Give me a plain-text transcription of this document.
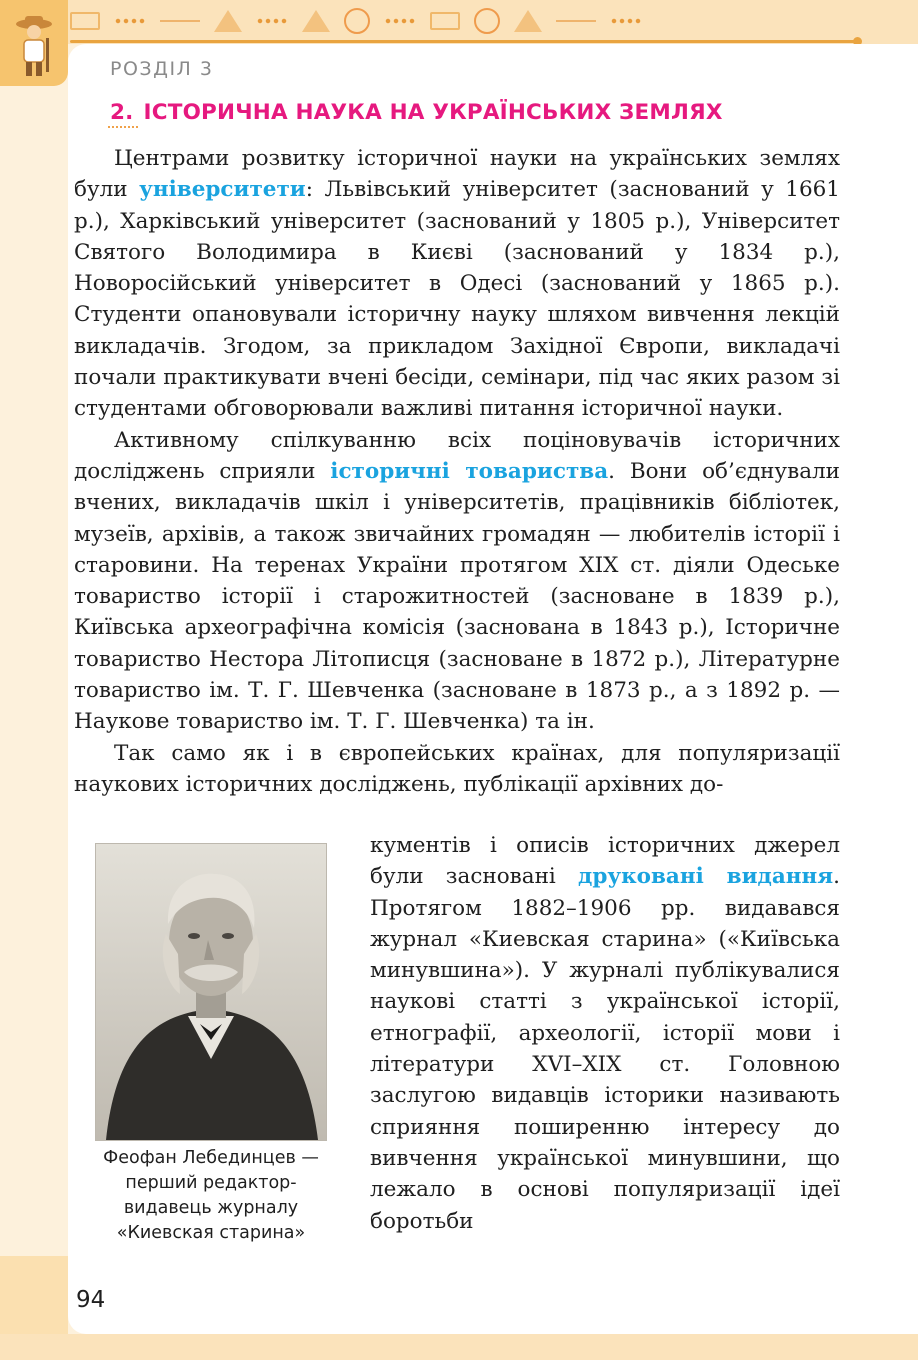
РОЗДІЛ 3
2. ІСТОРИЧНА НАУКА НА УКРАЇНСЬКИХ ЗЕМЛЯХ

Центрами розвитку історичної науки на українських землях були університети: Львівський університет (заснований у 1661 р.), Харківський університет (заснований у 1805 р.), Університет Святого Володимира в Києві (заснований у 1834 р.), Новоросійський університет в Одесі (заснований у 1865 р.). Студенти опановували історичну науку шляхом вивчення лекцій викладачів. Згодом, за прикладом Західної Європи, викладачі почали практикувати вчені бесіди, семінари, під час яких разом зі студентами обговорювали важливі питання історичної науки.

Активному спілкуванню всіх поціновувачів історичних досліджень сприяли історичні товариства. Вони об’єднували вчених, викладачів шкіл і університетів, працівників бібліотек, музеїв, архівів, а також звичайних громадян — любителів історії і старовини. На теренах України протягом XIX ст. діяли Одеське товариство історії і старожитностей (засноване в 1839 р.), Київська археографічна комісія (заснована в 1843 р.), Історичне товариство Нестора Літописця (засноване в 1872 р.), Літературне товариство ім. Т. Г. Шевченка (засноване в 1873 р., а з 1892 р. — Наукове товариство ім. Т. Г. Шевченка) та ін.

Так само як і в європейських країнах, для популяризації наукових історичних досліджень, публікації архівних до-

Феофан Лебединцев — перший редактор-видавець журналу «Киевская старина»

кументів і описів історичних джерел були засновані друковані видання. Протягом 1882–1906 рр. видавався журнал «Киевская старина» («Київська минувшина»). У журналі публікувалися наукові статті з української історії, етнографії, археології, історії мови і літератури XVI–XIX ст. Головною заслугою видавців історики називають сприяння поширенню інтересу до вивчення української минувшини, що лежало в основі популяризації ідеї боротьби

94
